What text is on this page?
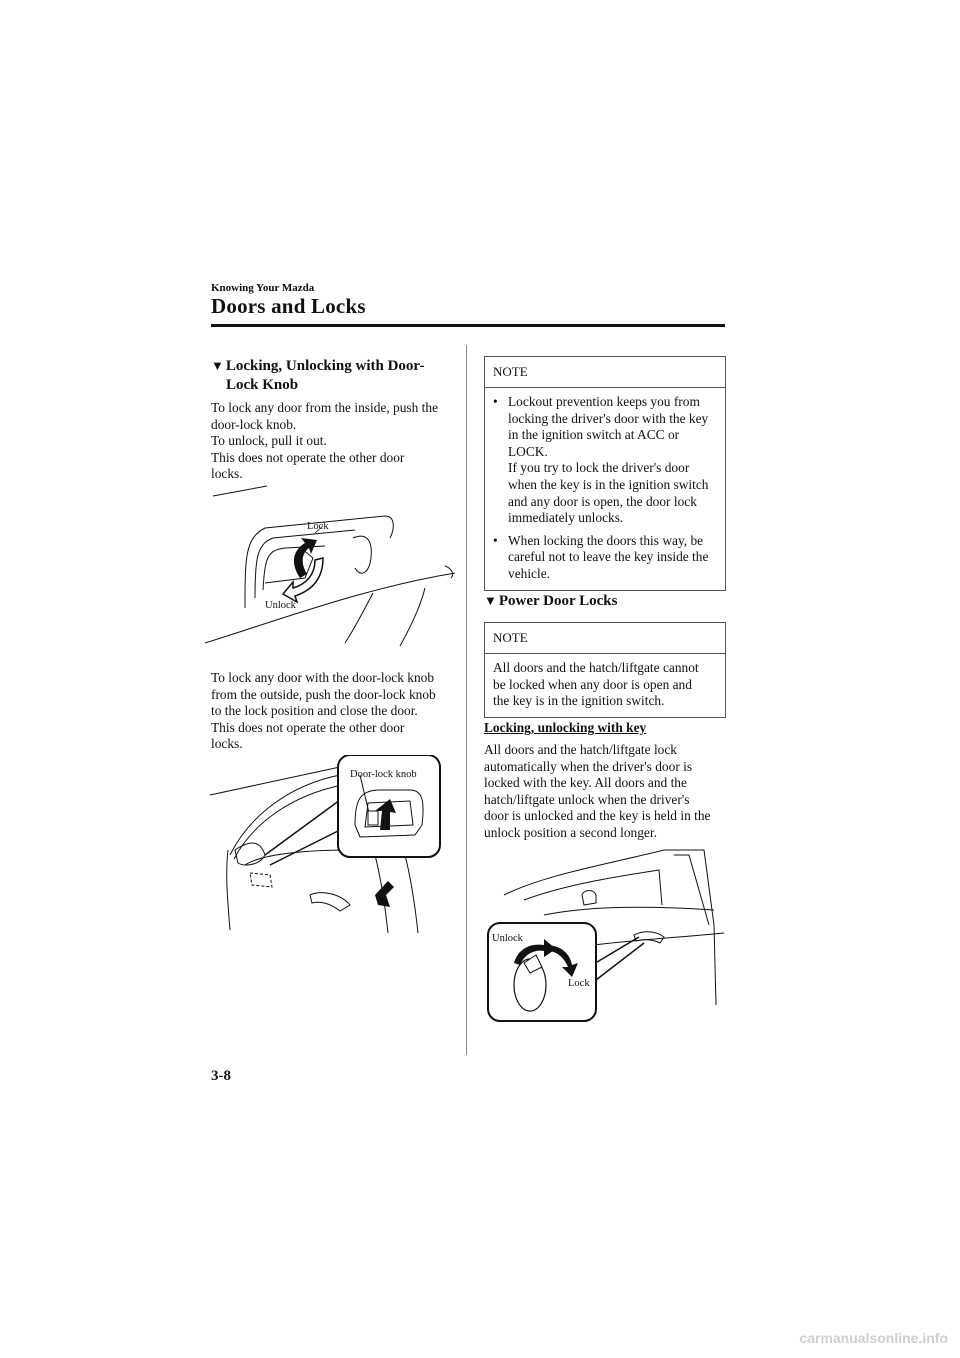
Knowing Your Mazda
Doors and Locks
▼ Locking, Unlocking with Door-
Lock Knob
To lock any door from the inside, push the
door-lock knob.
To unlock, pull it out.
This does not operate the other door
locks.
Lock
Unlock
To lock any door with the door-lock knob
from the outside, push the door-lock knob
to the lock position and close the door.
This does not operate the other door
locks.
Door-lock knob
NOTE
• Lockout prevention keeps you from
locking the driver's door with the key
in the ignition switch at ACC or
LOCK.
If you try to lock the driver's door
when the key is in the ignition switch
and any door is open, the door lock
immediately unlocks.
• When locking the doors this way, be
careful not to leave the key inside the
vehicle.
▼ Power Door Locks
NOTE
All doors and the hatch/liftgate cannot
be locked when any door is open and
the key is in the ignition switch.
Locking, unlocking with key
All doors and the hatch/liftgate lock
automatically when the driver's door is
locked with the key. All doors and the
hatch/liftgate unlock when the driver's
door is unlocked and the key is held in the
unlock position a second longer.
Unlock
Lock
3-8
carmanualsonline.info
